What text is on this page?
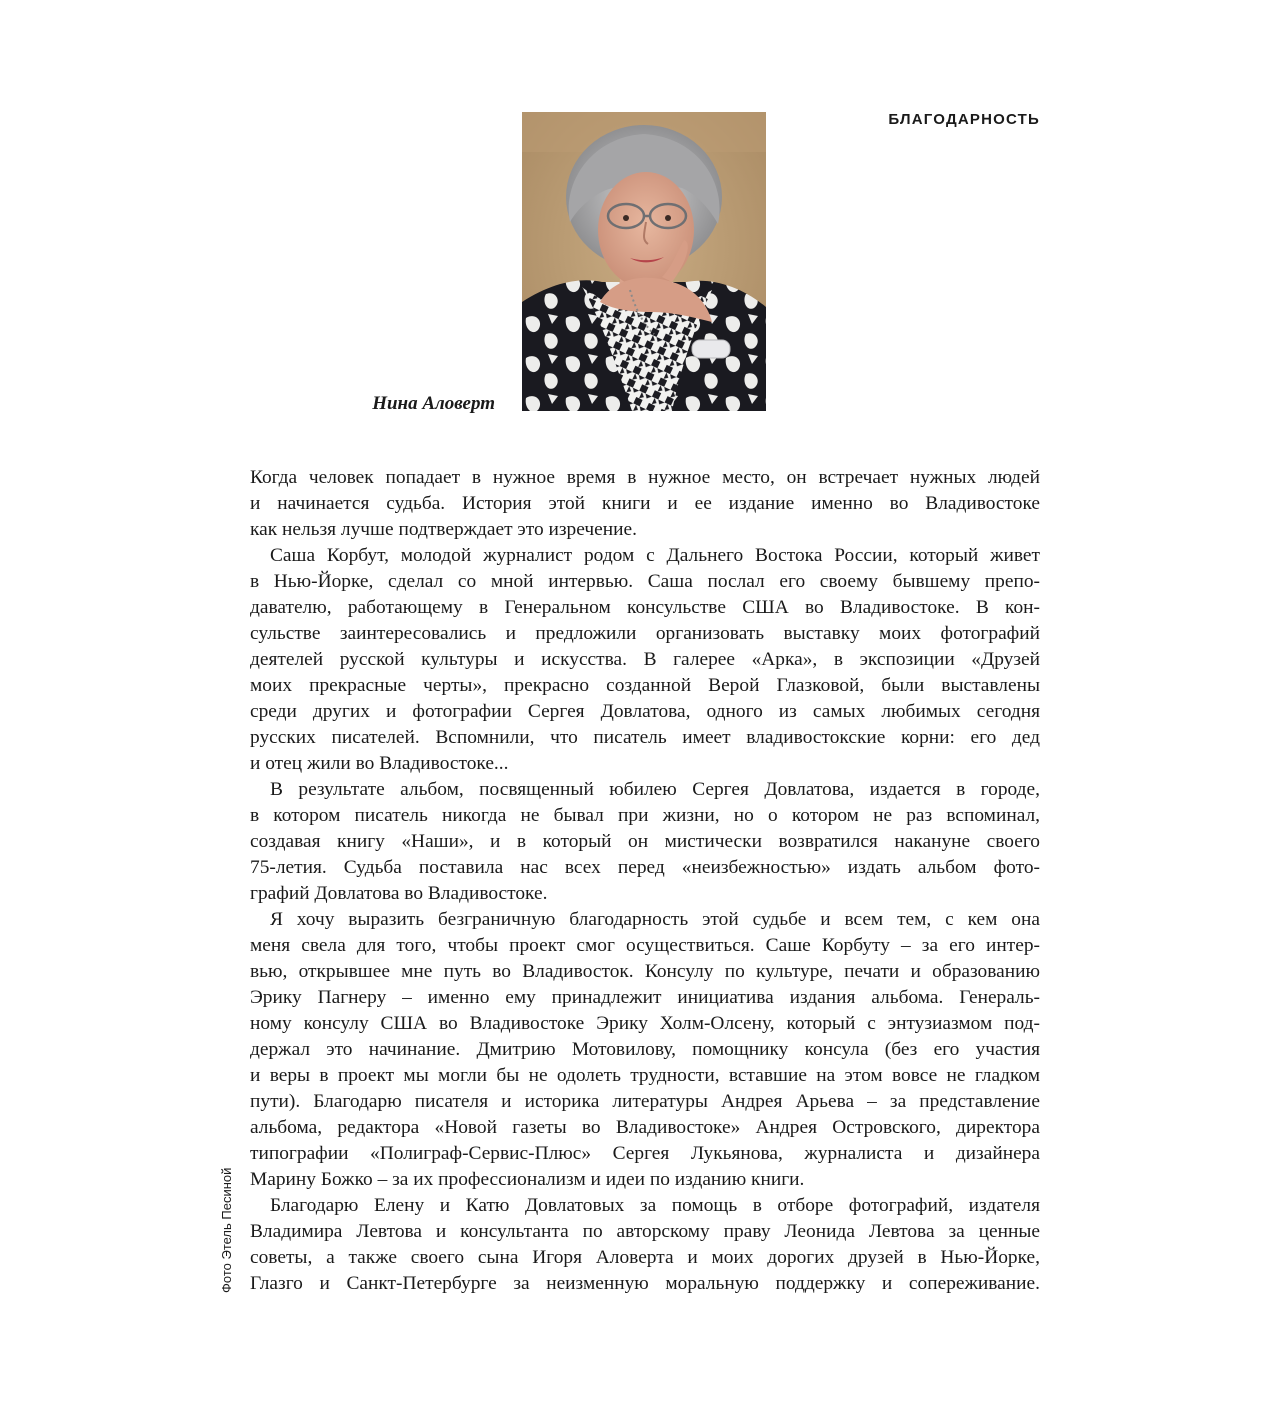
БЛАГОДАРНОСТЬ
Нина Аловерт
Когда человек попадает в нужное время в нужное место, он встречает нужных людей
и начинается судьба. История этой книги и ее издание именно во Владивостоке
как нельзя лучше подтверждает это изречение.
Саша Корбут, молодой журналист родом с Дальнего Востока России, который живет
в Нью-Йорке, сделал со мной интервью. Саша послал его своему бывшему препо-
давателю, работающему в Генеральном консульстве США во Владивостоке. В кон-
сульстве заинтересовались и предложили организовать выставку моих фотографий
деятелей русской культуры и искусства. В галерее «Арка», в экспозиции «Друзей
моих прекрасные черты», прекрасно созданной Верой Глазковой, были выставлены
среди других и фотографии Сергея Довлатова, одного из самых любимых сегодня
русских писателей. Вспомнили, что писатель имеет владивостокские корни: его дед
и отец жили во Владивостоке...
В результате альбом, посвященный юбилею Сергея Довлатова, издается в городе,
в котором писатель никогда не бывал при жизни, но о котором не раз вспоминал,
создавая книгу «Наши», и в который он мистически возвратился накануне своего
75-летия. Судьба поставила нас всех перед «неизбежностью» издать альбом фото-
графий Довлатова во Владивостоке.
Я хочу выразить безграничную благодарность этой судьбе и всем тем, с кем она
меня свела для того, чтобы проект смог осуществиться. Саше Корбуту – за его интер-
вью, открывшее мне путь во Владивосток. Консулу по культуре, печати и образованию
Эрику Пагнеру – именно ему принадлежит инициатива издания альбома. Генераль-
ному консулу США во Владивостоке Эрику Холм-Олсену, который с энтузиазмом под-
держал это начинание. Дмитрию Мотовилову, помощнику консула (без его участия
и веры в проект мы могли бы не одолеть трудности, вставшие на этом вовсе не гладком
пути). Благодарю писателя и историка литературы Андрея Арьева – за представление
альбома, редактора «Новой газеты во Владивостоке» Андрея Островского, директора
типографии «Полиграф-Сервис-Плюс» Сергея Лукьянова, журналиста и дизайнера
Марину Божко – за их профессионализм и идеи по изданию книги.
Благодарю Елену и Катю Довлатовых за помощь в отборе фотографий, издателя
Владимира Левтова и консультанта по авторскому праву Леонида Левтова за ценные
советы, а также своего сына Игоря Аловерта и моих дорогих друзей в Нью-Йорке,
Глазго и Санкт-Петербурге за неизменную моральную поддержку и сопереживание.
Фото Этель Песиной
